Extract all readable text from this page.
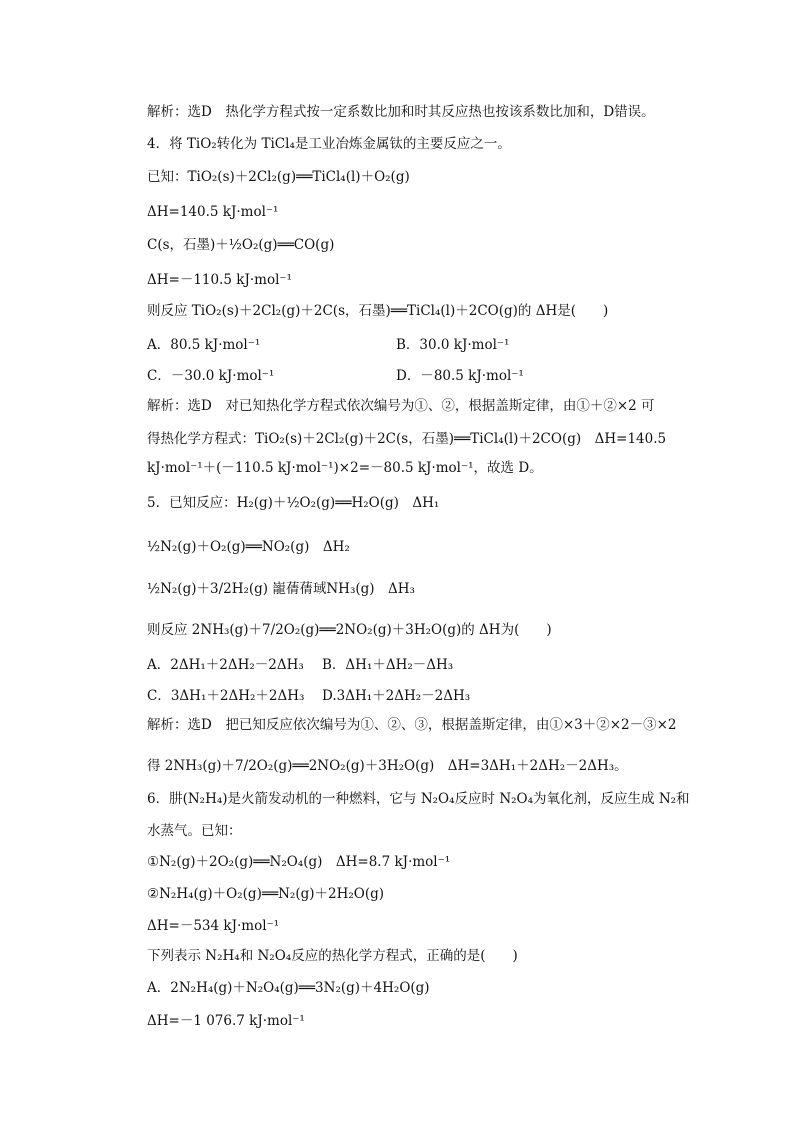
解析：选D　热化学方程式按一定系数比加和时其反应热也按该系数比加和，D错误。
4．将 TiO₂转化为 TiCl₄是工业冶炼金属钛的主要反应之一。
已知：TiO₂(s)＋2Cl₂(g)══TiCl₄(l)＋O₂(g)
ΔH=140.5 kJ·mol⁻¹
C(s，石墨)＋½O₂(g)══CO(g)
ΔH=－110.5 kJ·mol⁻¹
则反应 TiO₂(s)＋2Cl₂(g)＋2C(s，石墨)══TiCl₄(l)＋2CO(g)的 ΔH是(　　)
A．80.5 kJ·mol⁻¹	B．30.0 kJ·mol⁻¹
C．－30.0 kJ·mol⁻¹	D．－80.5 kJ·mol⁻¹
解析：选D　对已知热化学方程式依次编号为①、②，根据盖斯定律，由①＋②×2 可
得热化学方程式：TiO₂(s)＋2Cl₂(g)＋2C(s，石墨)══TiCl₄(l)＋2CO(g)　ΔH=140.5
kJ·mol⁻¹＋(－110.5 kJ·mol⁻¹)×2=－80.5 kJ·mol⁻¹，故选 D。
5．已知反应：H₂(g)＋½O₂(g)══H₂O(g)　ΔH₁
½N₂(g)＋O₂(g)══NO₂(g)　ΔH₂
½N₂(g)＋3/2H₂(g) 巃蒨蒨琙NH₃(g)　ΔH₃
则反应 2NH₃(g)＋7/2O₂(g)══2NO₂(g)＋3H₂O(g)的 ΔH为(　　)
A．2ΔH₁＋2ΔH₂－2ΔH₃ B．ΔH₁＋ΔH₂－ΔH₃
C．3ΔH₁＋2ΔH₂＋2ΔH₃ D.3ΔH₁＋2ΔH₂－2ΔH₃
解析：选D　把已知反应依次编号为①、②、③，根据盖斯定律，由①×3＋②×2－③×2
得 2NH₃(g)＋7/2O₂(g)══2NO₂(g)＋3H₂O(g)　ΔH=3ΔH₁＋2ΔH₂－2ΔH₃。
6．肼(N₂H₄)是火箭发动机的一种燃料，它与 N₂O₄反应时 N₂O₄为氧化剂，反应生成 N₂和
水蒸气。已知：
①N₂(g)＋2O₂(g)══N₂O₄(g)　ΔH=8.7 kJ·mol⁻¹
②N₂H₄(g)＋O₂(g)══N₂(g)＋2H₂O(g)
ΔH=－534 kJ·mol⁻¹
下列表示 N₂H₄和 N₂O₄反应的热化学方程式，正确的是(　　)
A．2N₂H₄(g)＋N₂O₄(g)══3N₂(g)＋4H₂O(g)
ΔH=－1 076.7 kJ·mol⁻¹
